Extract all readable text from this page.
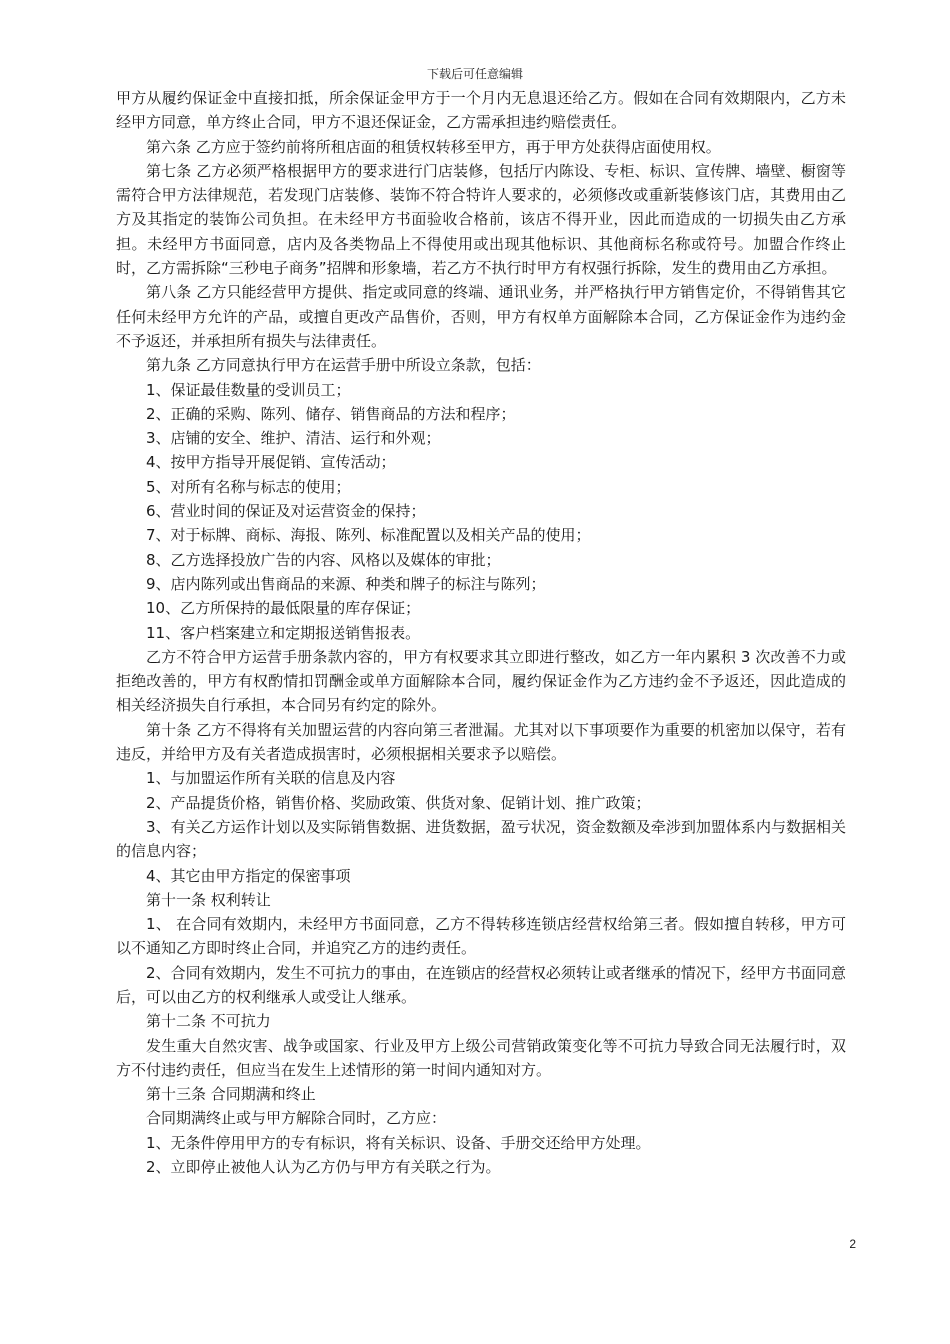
下载后可任意编辑

甲方从履约保证金中直接扣抵，所余保证金甲方于一个月内无息退还给乙方。假如在合同有效期限内，乙方未经甲方同意，单方终止合同，甲方不退还保证金，乙方需承担违约赔偿责任。

第六条 乙方应于签约前将所租店面的租赁权转移至甲方，再于甲方处获得店面使用权。

第七条 乙方必须严格根据甲方的要求进行门店装修，包括厅内陈设、专柜、标识、宣传牌、墙壁、橱窗等需符合甲方法律规范，若发现门店装修、装饰不符合特许人要求的，必须修改或重新装修该门店，其费用由乙方及其指定的装饰公司负担。在未经甲方书面验收合格前，该店不得开业，因此而造成的一切损失由乙方承担。未经甲方书面同意，店内及各类物品上不得使用或出现其他标识、其他商标名称或符号。加盟合作终止时，乙方需拆除“三秒电子商务”招牌和形象墙，若乙方不执行时甲方有权强行拆除，发生的费用由乙方承担。

第八条 乙方只能经营甲方提供、指定或同意的终端、通讯业务，并严格执行甲方销售定价，不得销售其它任何未经甲方允许的产品，或擅自更改产品售价，否则，甲方有权单方面解除本合同，乙方保证金作为违约金不予返还，并承担所有损失与法律责任。

第九条 乙方同意执行甲方在运营手册中所设立条款，包括：

1、保证最佳数量的受训员工；

2、正确的采购、陈列、储存、销售商品的方法和程序；

3、店铺的安全、维护、清洁、运行和外观；

4、按甲方指导开展促销、宣传活动；

5、对所有名称与标志的使用；

6、营业时间的保证及对运营资金的保持；

7、对于标牌、商标、海报、陈列、标准配置以及相关产品的使用；

8、乙方选择投放广告的内容、风格以及媒体的审批；

9、店内陈列或出售商品的来源、种类和牌子的标注与陈列；

10、乙方所保持的最低限量的库存保证；

11、客户档案建立和定期报送销售报表。

乙方不符合甲方运营手册条款内容的，甲方有权要求其立即进行整改，如乙方一年内累积 3 次改善不力或拒绝改善的，甲方有权酌情扣罚酬金或单方面解除本合同，履约保证金作为乙方违约金不予返还，因此造成的相关经济损失自行承担，本合同另有约定的除外。

第十条 乙方不得将有关加盟运营的内容向第三者泄漏。尤其对以下事项要作为重要的机密加以保守，若有违反，并给甲方及有关者造成损害时，必须根据相关要求予以赔偿。

1、与加盟运作所有关联的信息及内容

2、产品提货价格，销售价格、奖励政策、供货对象、促销计划、推广政策；

3、有关乙方运作计划以及实际销售数据、进货数据，盈亏状况，资金数额及牵涉到加盟体系内与数据相关的信息内容；

4、其它由甲方指定的保密事项

第十一条 权利转让

1、 在合同有效期内，未经甲方书面同意，乙方不得转移连锁店经营权给第三者。假如擅自转移，甲方可以不通知乙方即时终止合同，并追究乙方的违约责任。

2、合同有效期内，发生不可抗力的事由，在连锁店的经营权必须转让或者继承的情况下，经甲方书面同意后，可以由乙方的权利继承人或受让人继承。

第十二条 不可抗力

发生重大自然灾害、战争或国家、行业及甲方上级公司营销政策变化等不可抗力导致合同无法履行时，双方不付违约责任，但应当在发生上述情形的第一时间内通知对方。

第十三条 合同期满和终止

合同期满终止或与甲方解除合同时，乙方应：

1、无条件停用甲方的专有标识，将有关标识、设备、手册交还给甲方处理。

2、立即停止被他人认为乙方仍与甲方有关联之行为。

2
